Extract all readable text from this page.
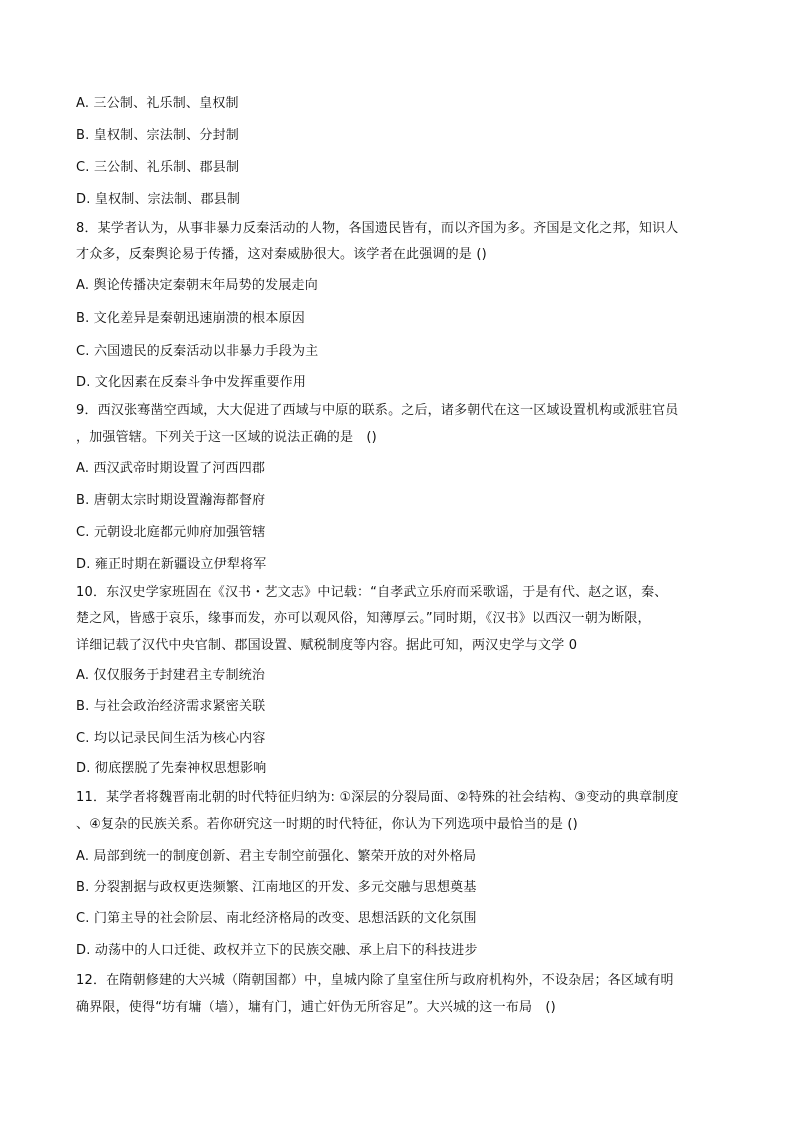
A. 三公制、礼乐制、皇权制
B. 皇权制、宗法制、分封制
C. 三公制、礼乐制、郡县制
D. 皇权制、宗法制、郡县制
8．某学者认为，从事非暴力反秦活动的人物，各国遗民皆有，而以齐国为多。齐国是文化之邦，知识人
才众多，反秦舆论易于传播，这对秦威胁很大。该学者在此强调的是 ()
A. 舆论传播决定秦朝末年局势的发展走向
B. 文化差异是秦朝迅速崩溃的根本原因
C. 六国遗民的反秦活动以非暴力手段为主
D. 文化因素在反秦斗争中发挥重要作用
9．西汉张骞凿空西域，大大促进了西域与中原的联系。之后，诸多朝代在这一区域设置机构或派驻官员
，加强管辖。下列关于这一区域的说法正确的是　()
A. 西汉武帝时期设置了河西四郡
B. 唐朝太宗时期设置瀚海都督府
C. 元朝设北庭都元帅府加强管辖
D. 雍正时期在新疆设立伊犁将军
10．东汉史学家班固在《汉书・艺文志》中记载：“自孝武立乐府而采歌谣，于是有代、赵之讴，秦、
楚之风，皆感于哀乐，缘事而发，亦可以观风俗，知薄厚云。”同时期，《汉书》以西汉一朝为断限，
详细记载了汉代中央官制、郡国设置、赋税制度等内容。据此可知，两汉史学与文学 0
A. 仅仅服务于封建君主专制统治
B. 与社会政治经济需求紧密关联
C. 均以记录民间生活为核心内容
D. 彻底摆脱了先秦神权思想影响
11．某学者将魏晋南北朝的时代特征归纳为: ①深层的分裂局面、②特殊的社会结构、③变动的典章制度
、④复杂的民族关系。若你研究这一时期的时代特征，你认为下列选项中最恰当的是 ()
A. 局部到统一的制度创新、君主专制空前强化、繁荣开放的对外格局
B. 分裂割据与政权更迭频繁、江南地区的开发、多元交融与思想奠基
C. 门第主导的社会阶层、南北经济格局的改变、思想活跃的文化氛围
D. 动荡中的人口迁徙、政权并立下的民族交融、承上启下的科技进步
12．在隋朝修建的大兴城（隋朝国都）中，皇城内除了皇室住所与政府机构外，不设杂居；各区域有明
确界限，使得“坊有墉（墙），墉有门，逋亡奸伪无所容足”。大兴城的这一布局　()
